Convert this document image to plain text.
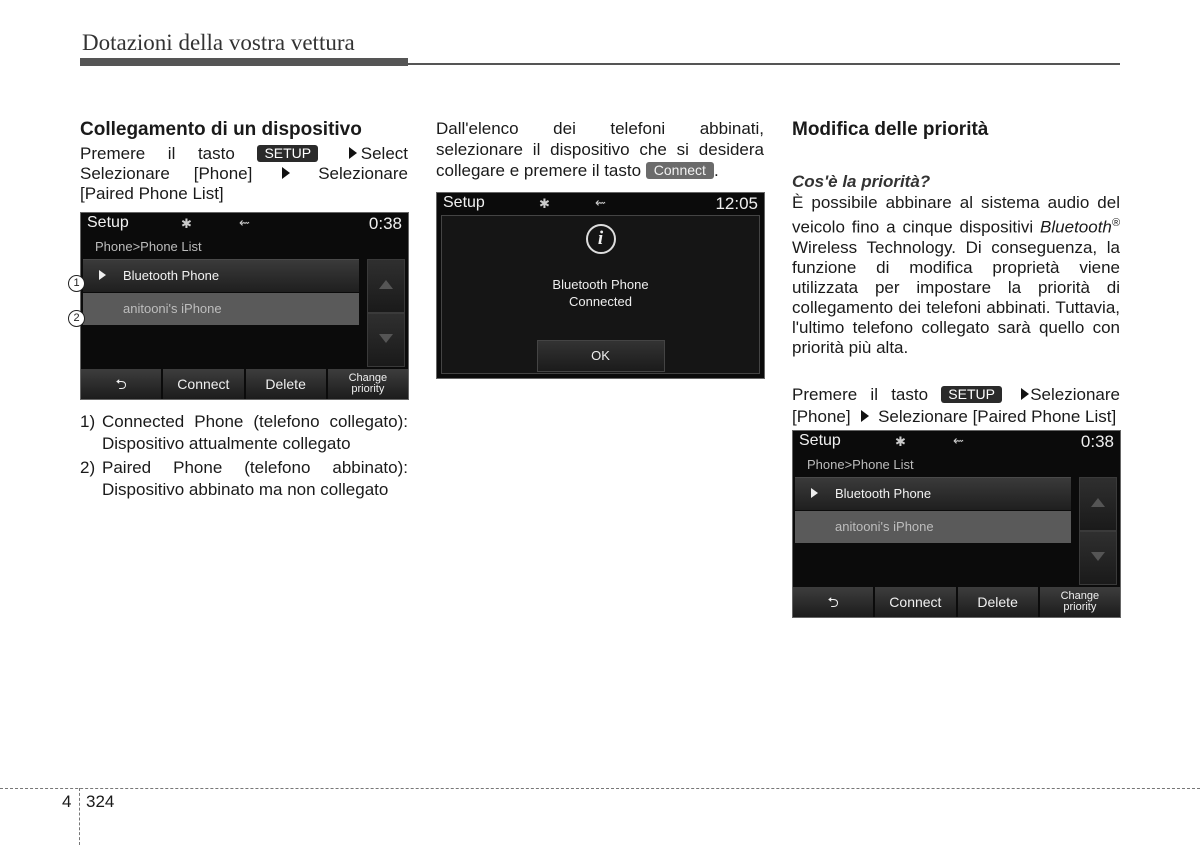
Dotazioni della vostra vettura
Collegamento di un dispositivo
Premere il tasto SETUP	Select Selezionare [Phone]	Selezionare [Paired Phone List]
Setup	✱	⇜	0:38
Phone>Phone List
Bluetooth Phone
anitooni's iPhone
⮌	Connect	Delete	Change
priority
1
2
1) Connected Phone (telefono collegato): Dispositivo attualmente collegato
2) Paired Phone (telefono abbinato): Dispositivo abbinato ma non collegato
Dall'elenco dei telefoni abbinati, selezionare il dispositivo che si desidera collegare e premere il tasto Connect .
Setup	✱	⇜	12:05
i
Bluetooth Phone
Connected
OK
Modifica delle priorità
Cos'è la priorità?
È possibile abbinare al sistema audio del veicolo fino a cinque dispositivi Bluetooth® Wireless Technology. Di conseguenza, la funzione di modifica proprietà viene utilizzata per impostare la priorità di collegamento dei telefoni abbinati. Tuttavia, l'ultimo telefono collegato sarà quello con priorità più alta.
Premere il tasto SETUP Selezionare [Phone] Selezionare [Paired Phone List]
Setup	✱	⇜	0:38
Phone>Phone List
Bluetooth Phone
anitooni's iPhone
⮌	Connect	Delete	Change
priority
4 324
